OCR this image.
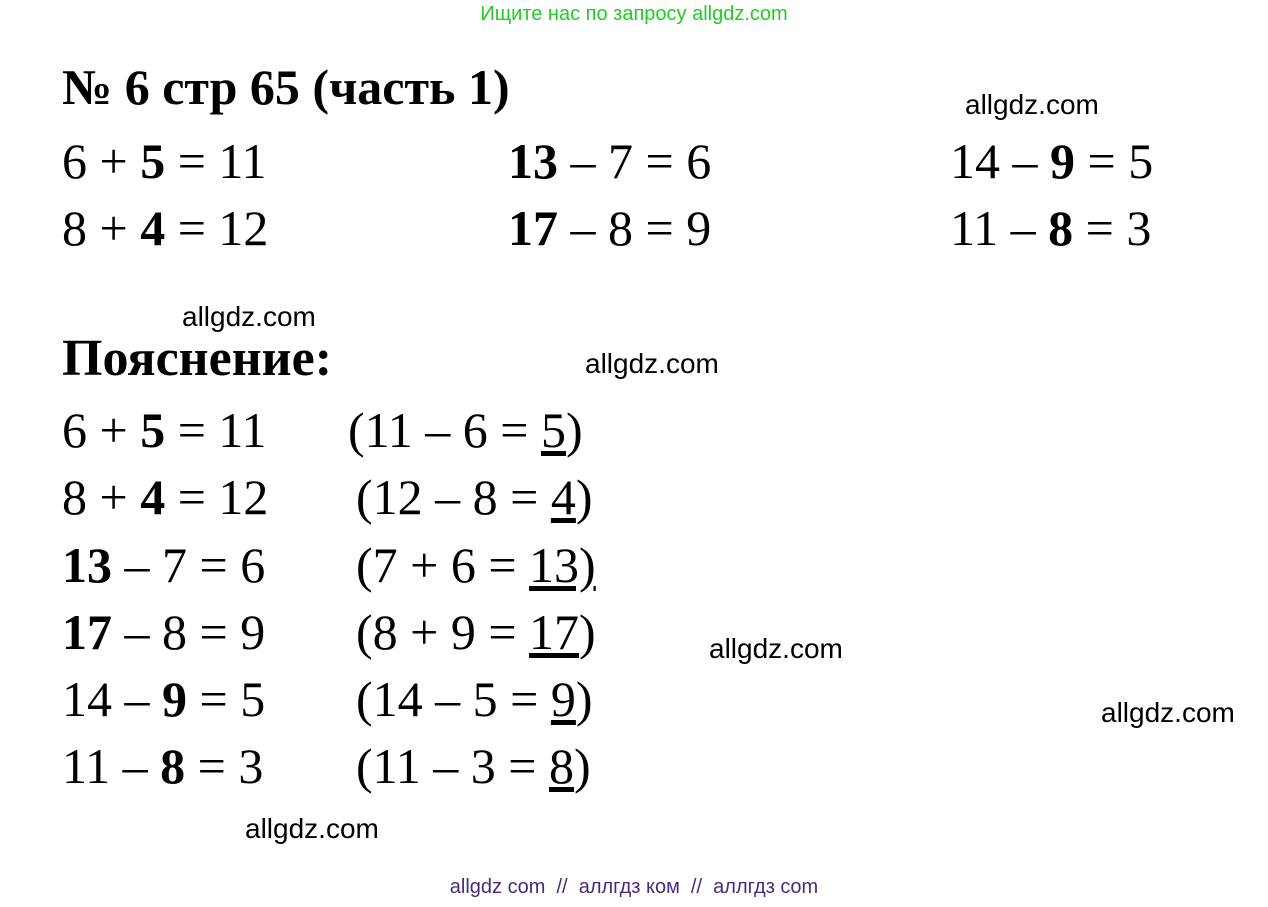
Ищите нас по запросу allgdz.com
№ 6 стр 65 (часть 1)
6 + 5 = 11	13 – 7 = 6	14 – 9 = 5
8 + 4 = 12	17 – 8 = 9	11 – 8 = 3
Пояснение:
6 + 5 = 11 (11 – 6 = 5)
8 + 4 = 12 (12 – 8 = 4)
13 – 7 = 6 (7 + 6 = 13)
17 – 8 = 9 (8 + 9 = 17)
14 – 9 = 5 (14 – 5 = 9)
11 – 8 = 3 (11 – 3 = 8)
allgdz.com
allgdz.com
allgdz.com
allgdz.com
allgdz.com
allgdz.com
allgdz com  //  аллгдз ком  //  аллгдз com
